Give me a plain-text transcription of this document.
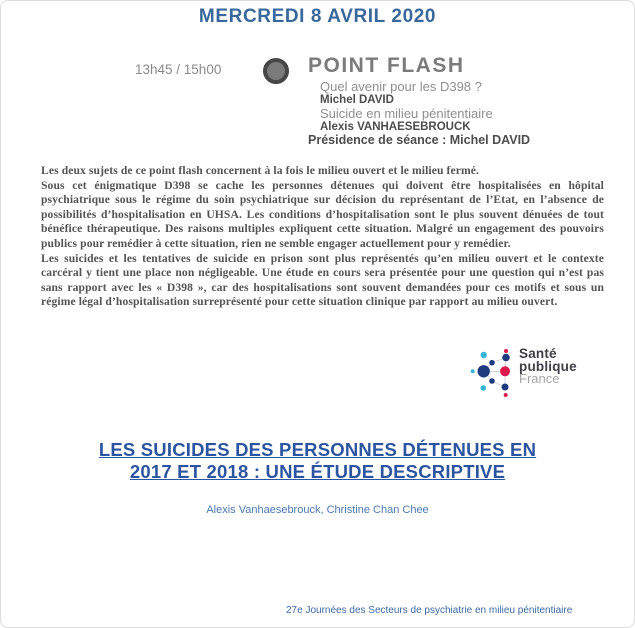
MERCREDI 8 AVRIL 2020
13h45 / 15h00	POINT FLASH
Quel avenir pour les D398 ?
Michel DAVID
Suicide en milieu pénitentiaire
Alexis VANHAESEBROUCK
Présidence de séance : Michel DAVID

Les deux sujets de ce point flash concernent à la fois le milieu ouvert et le milieu fermé.

Sous cet énigmatique D398 se cache les personnes détenues qui doivent être hospitalisées en hôpital psychiatrique sous le régime du soin psychiatrique sur décision du représentant de l’Etat, en l’absence de possibilités d’hospitalisation en UHSA. Les conditions d’hospitalisation sont le plus souvent dénuées de tout bénéfice thérapeutique. Des raisons multiples expliquent cette situation. Malgré un engagement des pouvoirs publics pour remédier à cette situation, rien ne semble engager actuellement pour y remédier.

Les suicides et les tentatives de suicide en prison sont plus représentés qu’en milieu ouvert et le contexte carcéral y tient une place non négligeable. Une étude en cours sera présentée pour une question qui n’est pas sans rapport avec les « D398 », car des hospitalisations sont souvent demandées pour ces motifs et sous un régime légal d’hospitalisation surreprésenté pour cette situation clinique par rapport au milieu ouvert.

Santé
publique
France
LES SUICIDES DES PERSONNES DÉTENUES EN
2017 ET 2018 : UNE ÉTUDE DESCRIPTIVE
Alexis Vanhaesebrouck, Christine Chan Chee
27e Journées des Secteurs de psychiatrie en milieu pénitentiaire
